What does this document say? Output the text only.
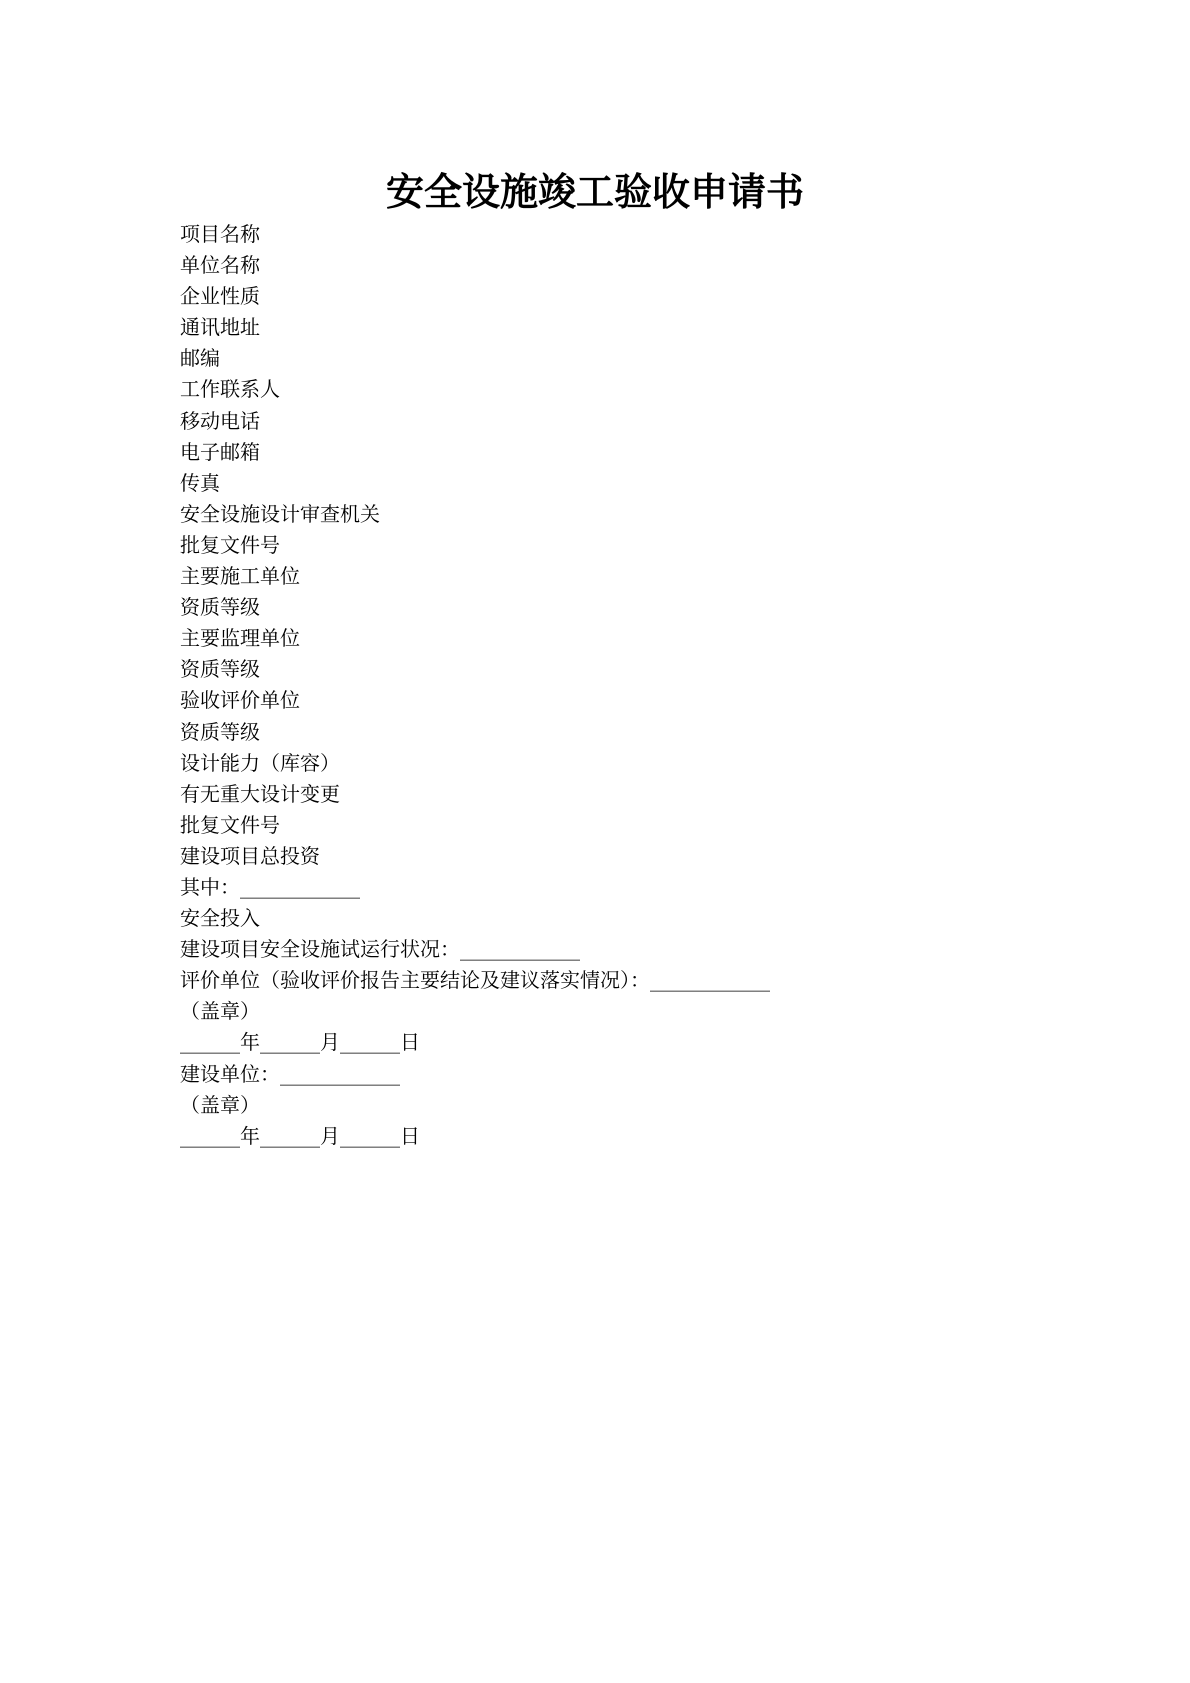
安全设施竣工验收申请书
项目名称
单位名称
企业性质
通讯地址
邮编
工作联系人
移动电话
电子邮箱
传真
安全设施设计审查机关
批复文件号
主要施工单位
资质等级
主要监理单位
资质等级
验收评价单位
资质等级
设计能力（库容）
有无重大设计变更
批复文件号
建设项目总投资
其中：____________
安全投入
建设项目安全设施试运行状况：____________
评价单位（验收评价报告主要结论及建议落实情况）：____________
（盖章）
______年______月______日
建设单位：____________
（盖章）
______年______月______日
